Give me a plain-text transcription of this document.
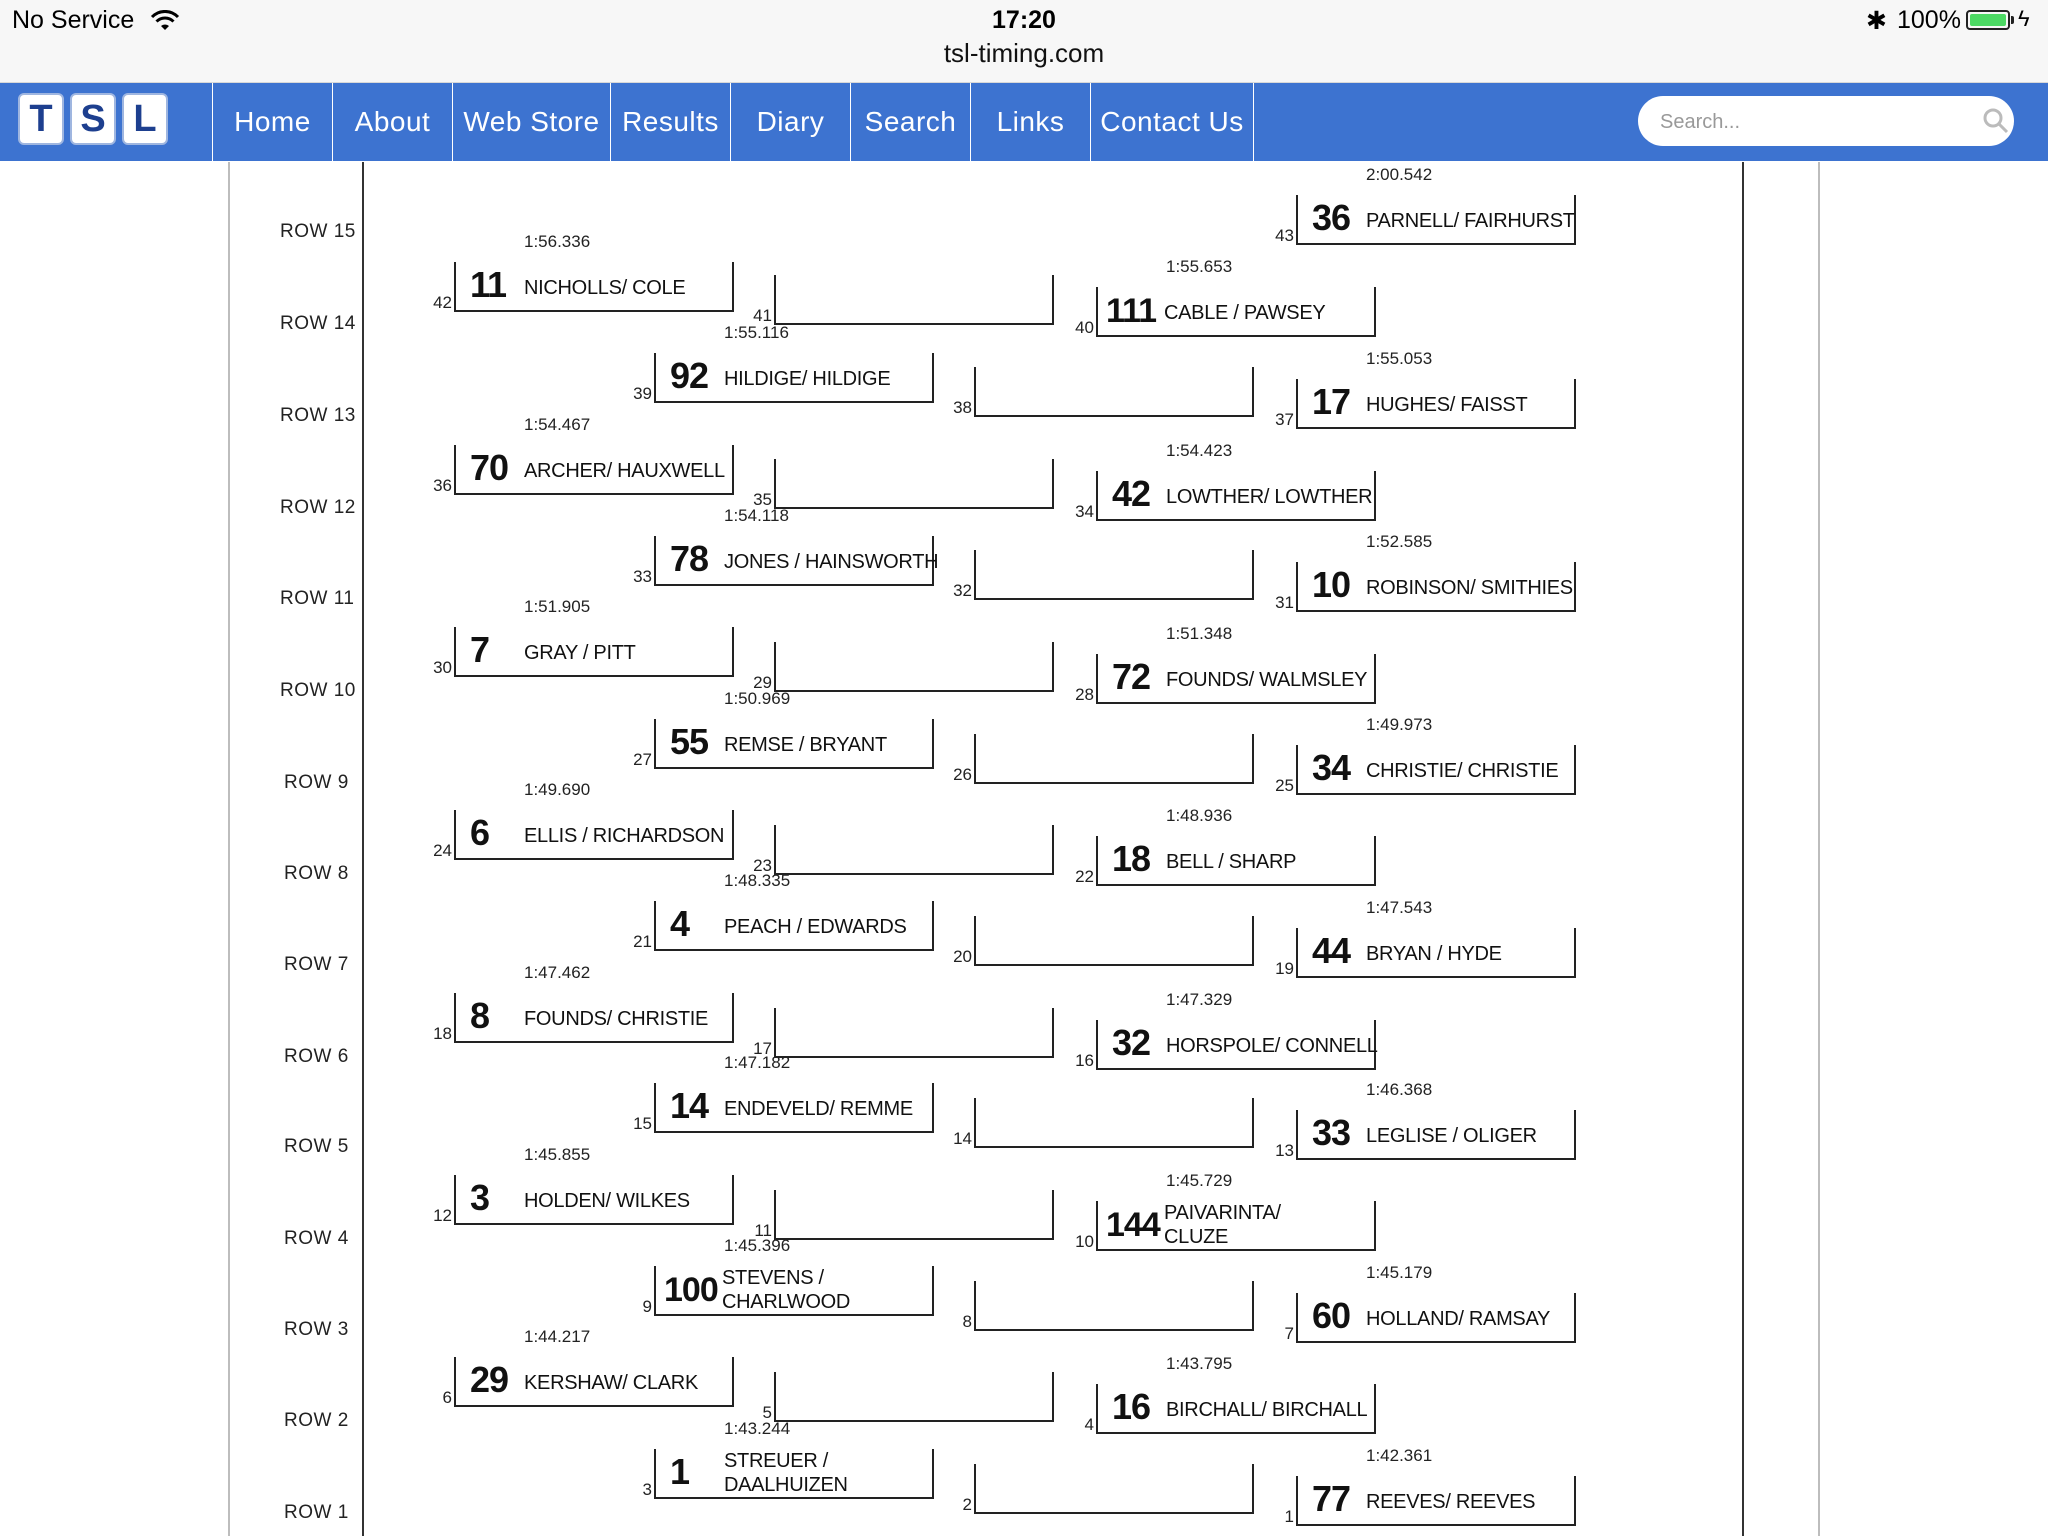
No Service	17:20
tsl-timing.com
✱ 100%	ϟ
T S L	Home	About	Web Store Results	Diary	Search	Links	Contact Us
Search...
ROW 15
ROW 14
ROW 13
ROW 12
ROW 11
ROW 10
ROW 9
ROW 8
ROW 7
ROW 6
ROW 5
ROW 4
ROW 3
ROW 2
ROW 1
43 36 PARNELL/ FAIRHURST
2:00.542
42 11 NICHOLLS/ COLE
1:56.336
41
40 111 CABLE / PAWSEY
1:55.653
39 92 HILDIGE/ HILDIGE
1:55.116
38
37 17 HUGHES/ FAISST
1:55.053
36 70 ARCHER/ HAUXWELL
1:54.467
35
34 42 LOWTHER/ LOWTHER
1:54.423
33 78 JONES / HAINSWORTH
1:54.118
32
31 10 ROBINSON/ SMITHIES
1:52.585
30 7 GRAY / PITT
1:51.905
29
28 72 FOUNDS/ WALMSLEY
1:51.348
27 55 REMSE / BRYANT
1:50.969
26
25 34 CHRISTIE/ CHRISTIE
1:49.973
24 6 ELLIS / RICHARDSON
1:49.690
23
22 18 BELL / SHARP
1:48.936
21 4 PEACH / EDWARDS
1:48.335
20
19 44 BRYAN / HYDE
1:47.543
18 8 FOUNDS/ CHRISTIE
1:47.462
17
16 32 HORSPOLE/ CONNELL
1:47.329
15 14 ENDEVELD/ REMME
1:47.182
14
13 33 LEGLISE / OLIGER
1:46.368
12 3 HOLDEN/ WILKES
1:45.855
11
10 144 PAIVARINTA/ CLUZE
1:45.729
9 100 STEVENS / CHARLWOOD
1:45.396
8
7 60 HOLLAND/ RAMSAY
1:45.179
6 29 KERSHAW/ CLARK
1:44.217
5
4 16 BIRCHALL/ BIRCHALL
1:43.795
3 1 STREUER / DAALHUIZEN
1:43.244
2
1 77 REEVES/ REEVES
1:42.361
